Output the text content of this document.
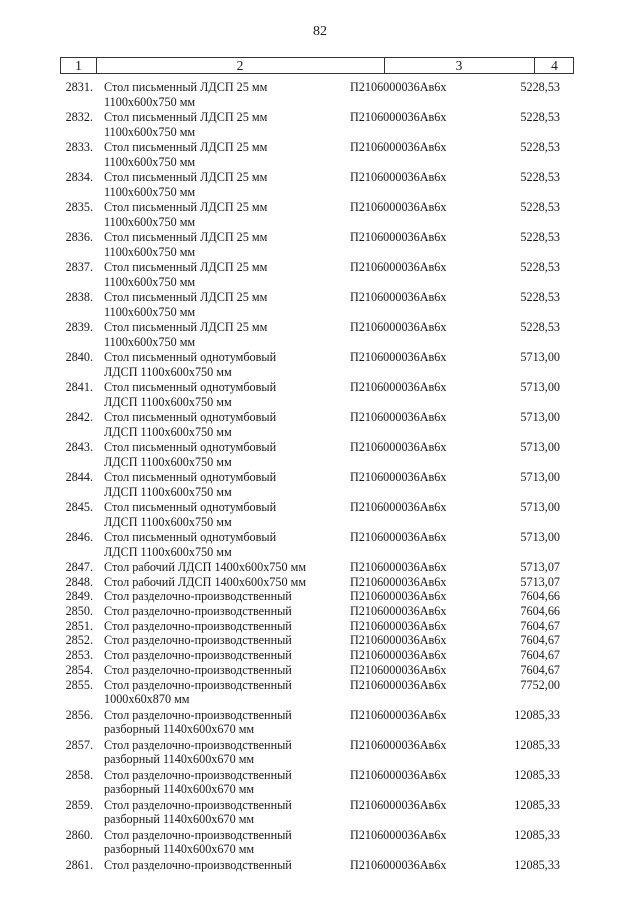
82
1	2	3	4
2831. Стол письменный ЛДСП 25 мм
1100х600х750 мм
П2106000036Ав6х	5228,53
2832. Стол письменный ЛДСП 25 мм
1100х600х750 мм
П2106000036Ав6х	5228,53
2833. Стол письменный ЛДСП 25 мм
1100х600х750 мм
П2106000036Ав6х	5228,53
2834. Стол письменный ЛДСП 25 мм
1100х600х750 мм
П2106000036Ав6х	5228,53
2835. Стол письменный ЛДСП 25 мм
1100х600х750 мм
П2106000036Ав6х	5228,53
2836. Стол письменный ЛДСП 25 мм
1100х600х750 мм
П2106000036Ав6х	5228,53
2837. Стол письменный ЛДСП 25 мм
1100х600х750 мм
П2106000036Ав6х	5228,53
2838. Стол письменный ЛДСП 25 мм
1100х600х750 мм
П2106000036Ав6х	5228,53
2839. Стол письменный ЛДСП 25 мм
1100х600х750 мм
П2106000036Ав6х	5228,53
2840. Стол письменный однотумбовый
ЛДСП 1100х600х750 мм
П2106000036Ав6х	5713,00
2841. Стол письменный однотумбовый
ЛДСП 1100х600х750 мм
П2106000036Ав6х	5713,00
2842. Стол письменный однотумбовый
ЛДСП 1100х600х750 мм
П2106000036Ав6х	5713,00
2843. Стол письменный однотумбовый
ЛДСП 1100х600х750 мм
П2106000036Ав6х	5713,00
2844. Стол письменный однотумбовый
ЛДСП 1100х600х750 мм
П2106000036Ав6х	5713,00
2845. Стол письменный однотумбовый
ЛДСП 1100х600х750 мм
П2106000036Ав6х	5713,00
2846. Стол письменный однотумбовый
ЛДСП 1100х600х750 мм
П2106000036Ав6х	5713,00
2847. Стол рабочий ЛДСП 1400х600х750 мм	П2106000036Ав6х	5713,07
2848. Стол рабочий ЛДСП 1400х600х750 мм	П2106000036Ав6х	5713,07
2849. Стол разделочно-производственный	П2106000036Ав6х	7604,66
2850. Стол разделочно-производственный	П2106000036Ав6х	7604,66
2851. Стол разделочно-производственный	П2106000036Ав6х	7604,67
2852. Стол разделочно-производственный	П2106000036Ав6х	7604,67
2853. Стол разделочно-производственный	П2106000036Ав6х	7604,67
2854. Стол разделочно-производственный	П2106000036Ав6х	7604,67
2855. Стол разделочно-производственный
1000х60х870 мм
П2106000036Ав6х	7752,00
2856. Стол разделочно-производственный
разборный 1140х600х670 мм
П2106000036Ав6х	12085,33
2857. Стол разделочно-производственный
разборный 1140х600х670 мм
П2106000036Ав6х	12085,33
2858. Стол разделочно-производственный
разборный 1140х600х670 мм
П2106000036Ав6х	12085,33
2859. Стол разделочно-производственный
разборный 1140х600х670 мм
П2106000036Ав6х	12085,33
2860. Стол разделочно-производственный
разборный 1140х600х670 мм
П2106000036Ав6х	12085,33
2861. Стол разделочно-производственный	П2106000036Ав6х	12085,33
